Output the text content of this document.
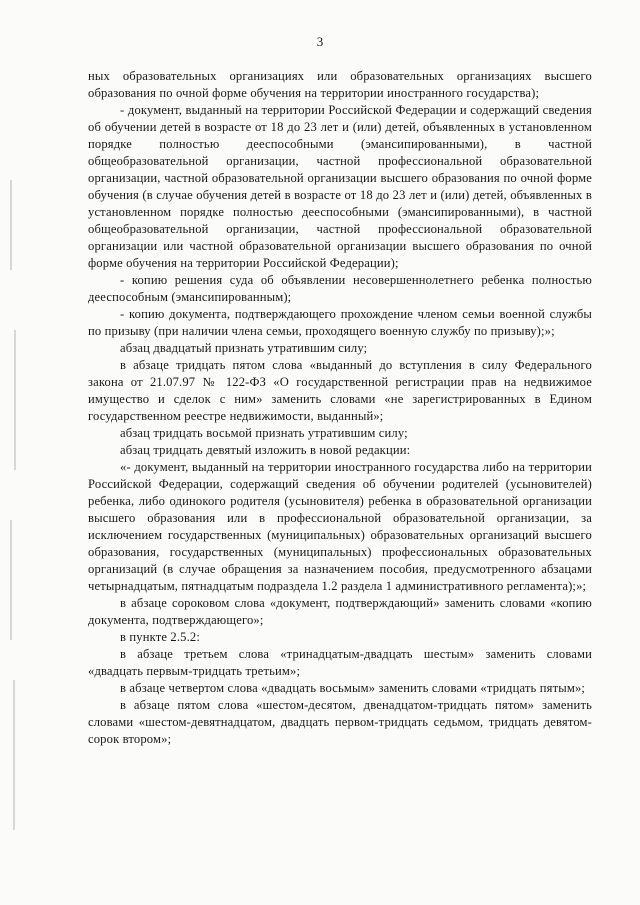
3

ных образовательных организациях или образовательных организациях высшего образования по очной форме обучения на территории иностранного государства);

- документ, выданный на территории Российской Федерации и содержащий сведения об обучении детей в возрасте от 18 до 23 лет и (или) детей, объявленных в установленном порядке полностью дееспособными (эмансипированными), в частной общеобразовательной организации, частной профессиональной образовательной организации, частной образовательной организации высшего образования по очной форме обучения (в случае обучения детей в возрасте от 18 до 23 лет и (или) детей, объявленных в установленном порядке полностью дееспособными (эмансипированными), в частной общеобразовательной организации, частной профессиональной образовательной организации или частной образовательной организации высшего образования по очной форме обучения на территории Российской Федерации);

- копию решения суда об объявлении несовершеннолетнего ребенка полностью дееспособным (эмансипированным);

- копию документа, подтверждающего прохождение членом семьи военной службы по призыву (при наличии члена семьи, проходящего военную службу по призыву);»;

абзац двадцатый признать утратившим силу;

в абзаце тридцать пятом слова «выданный до вступления в силу Федерального закона от 21.07.97 № 122-ФЗ «О государственной регистрации прав на недвижимое имущество и сделок с ним» заменить словами «не зарегистрированных в Едином государственном реестре недвижимости, выданный»;

абзац тридцать восьмой признать утратившим силу;

абзац тридцать девятый изложить в новой редакции:

«- документ, выданный на территории иностранного государства либо на территории Российской Федерации, содержащий сведения об обучении родителей (усыновителей) ребенка, либо одинокого родителя (усыновителя) ребенка в образовательной организации высшего образования или в профессиональной образовательной организации, за исключением государственных (муниципальных) образовательных организаций высшего образования, государственных (муниципальных) профессиональных образовательных организаций (в случае обращения за назначением пособия, предусмотренного абзацами четырнадцатым, пятнадцатым подраздела 1.2 раздела 1 административного регламента);»;

в абзаце сороковом слова «документ, подтверждающий» заменить словами «копию документа, подтверждающего»;

в пункте 2.5.2:

в абзаце третьем слова «тринадцатым-двадцать шестым» заменить словами «двадцать первым-тридцать третьим»;

в абзаце четвертом слова «двадцать восьмым» заменить словами «тридцать пятым»;

в абзаце пятом слова «шестом-десятом, двенадцатом-тридцать пятом» заменить словами «шестом-девятнадцатом, двадцать первом-тридцать седьмом, тридцать девятом-сорок втором»;
